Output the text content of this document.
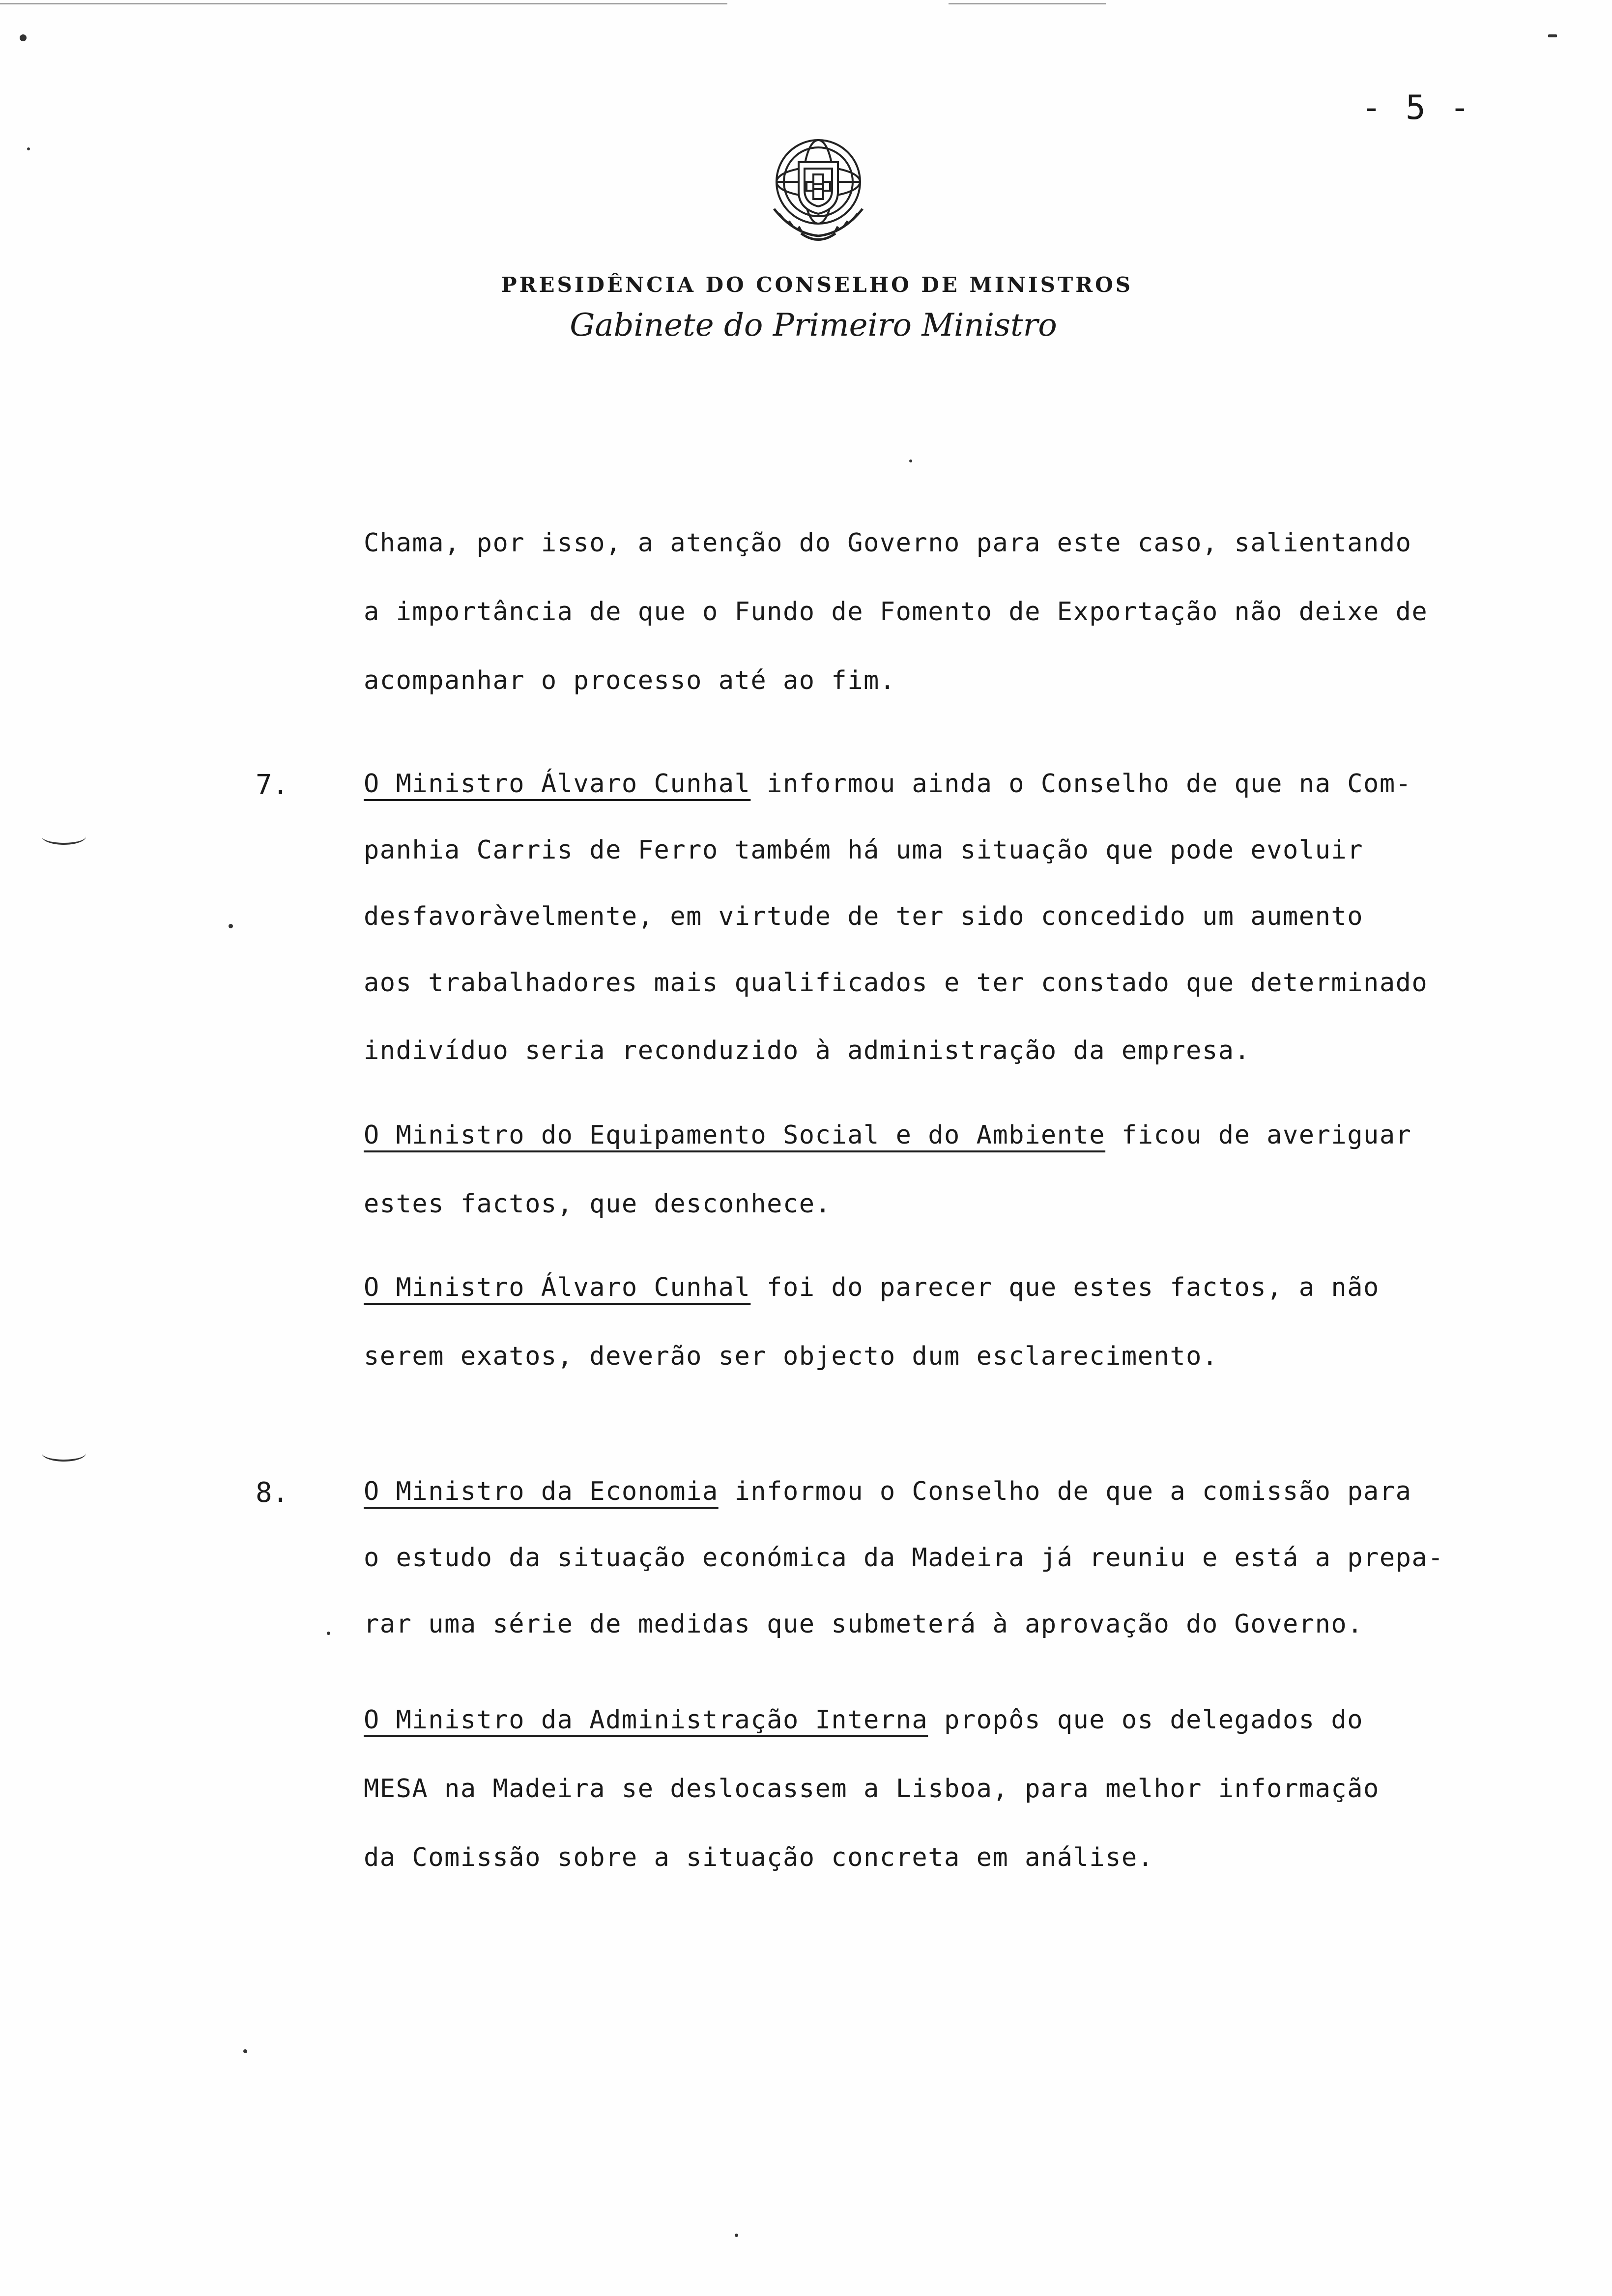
- 5 -
PRESIDÊNCIA DO CONSELHO DE MINISTROS
Gabinete do Primeiro Ministro
Chama, por isso, a atenção do Governo para este caso, salientando
a importância de que o Fundo de Fomento de Exportação não deixe de
acompanhar o processo até ao fim.
7.	O Ministro Álvaro Cunhal informou ainda o Conselho de que na Com-
panhia Carris de Ferro também há uma situação que pode evoluir
desfavoràvelmente, em virtude de ter sido concedido um aumento
aos trabalhadores mais qualificados e ter constado que determinado
indivíduo seria reconduzido à administração da empresa.
O Ministro do Equipamento Social e do Ambiente ficou de averiguar
estes factos, que desconhece.
O Ministro Álvaro Cunhal foi do parecer que estes factos, a não
serem exatos, deverão ser objecto dum esclarecimento.
8.	O Ministro da Economia informou o Conselho de que a comissão para
o estudo da situação económica da Madeira já reuniu e está a prepa-
rar uma série de medidas que submeterá à aprovação do Governo.
O Ministro da Administração Interna propôs que os delegados do
MESA na Madeira se deslocassem a Lisboa, para melhor informação
da Comissão sobre a situação concreta em análise.
